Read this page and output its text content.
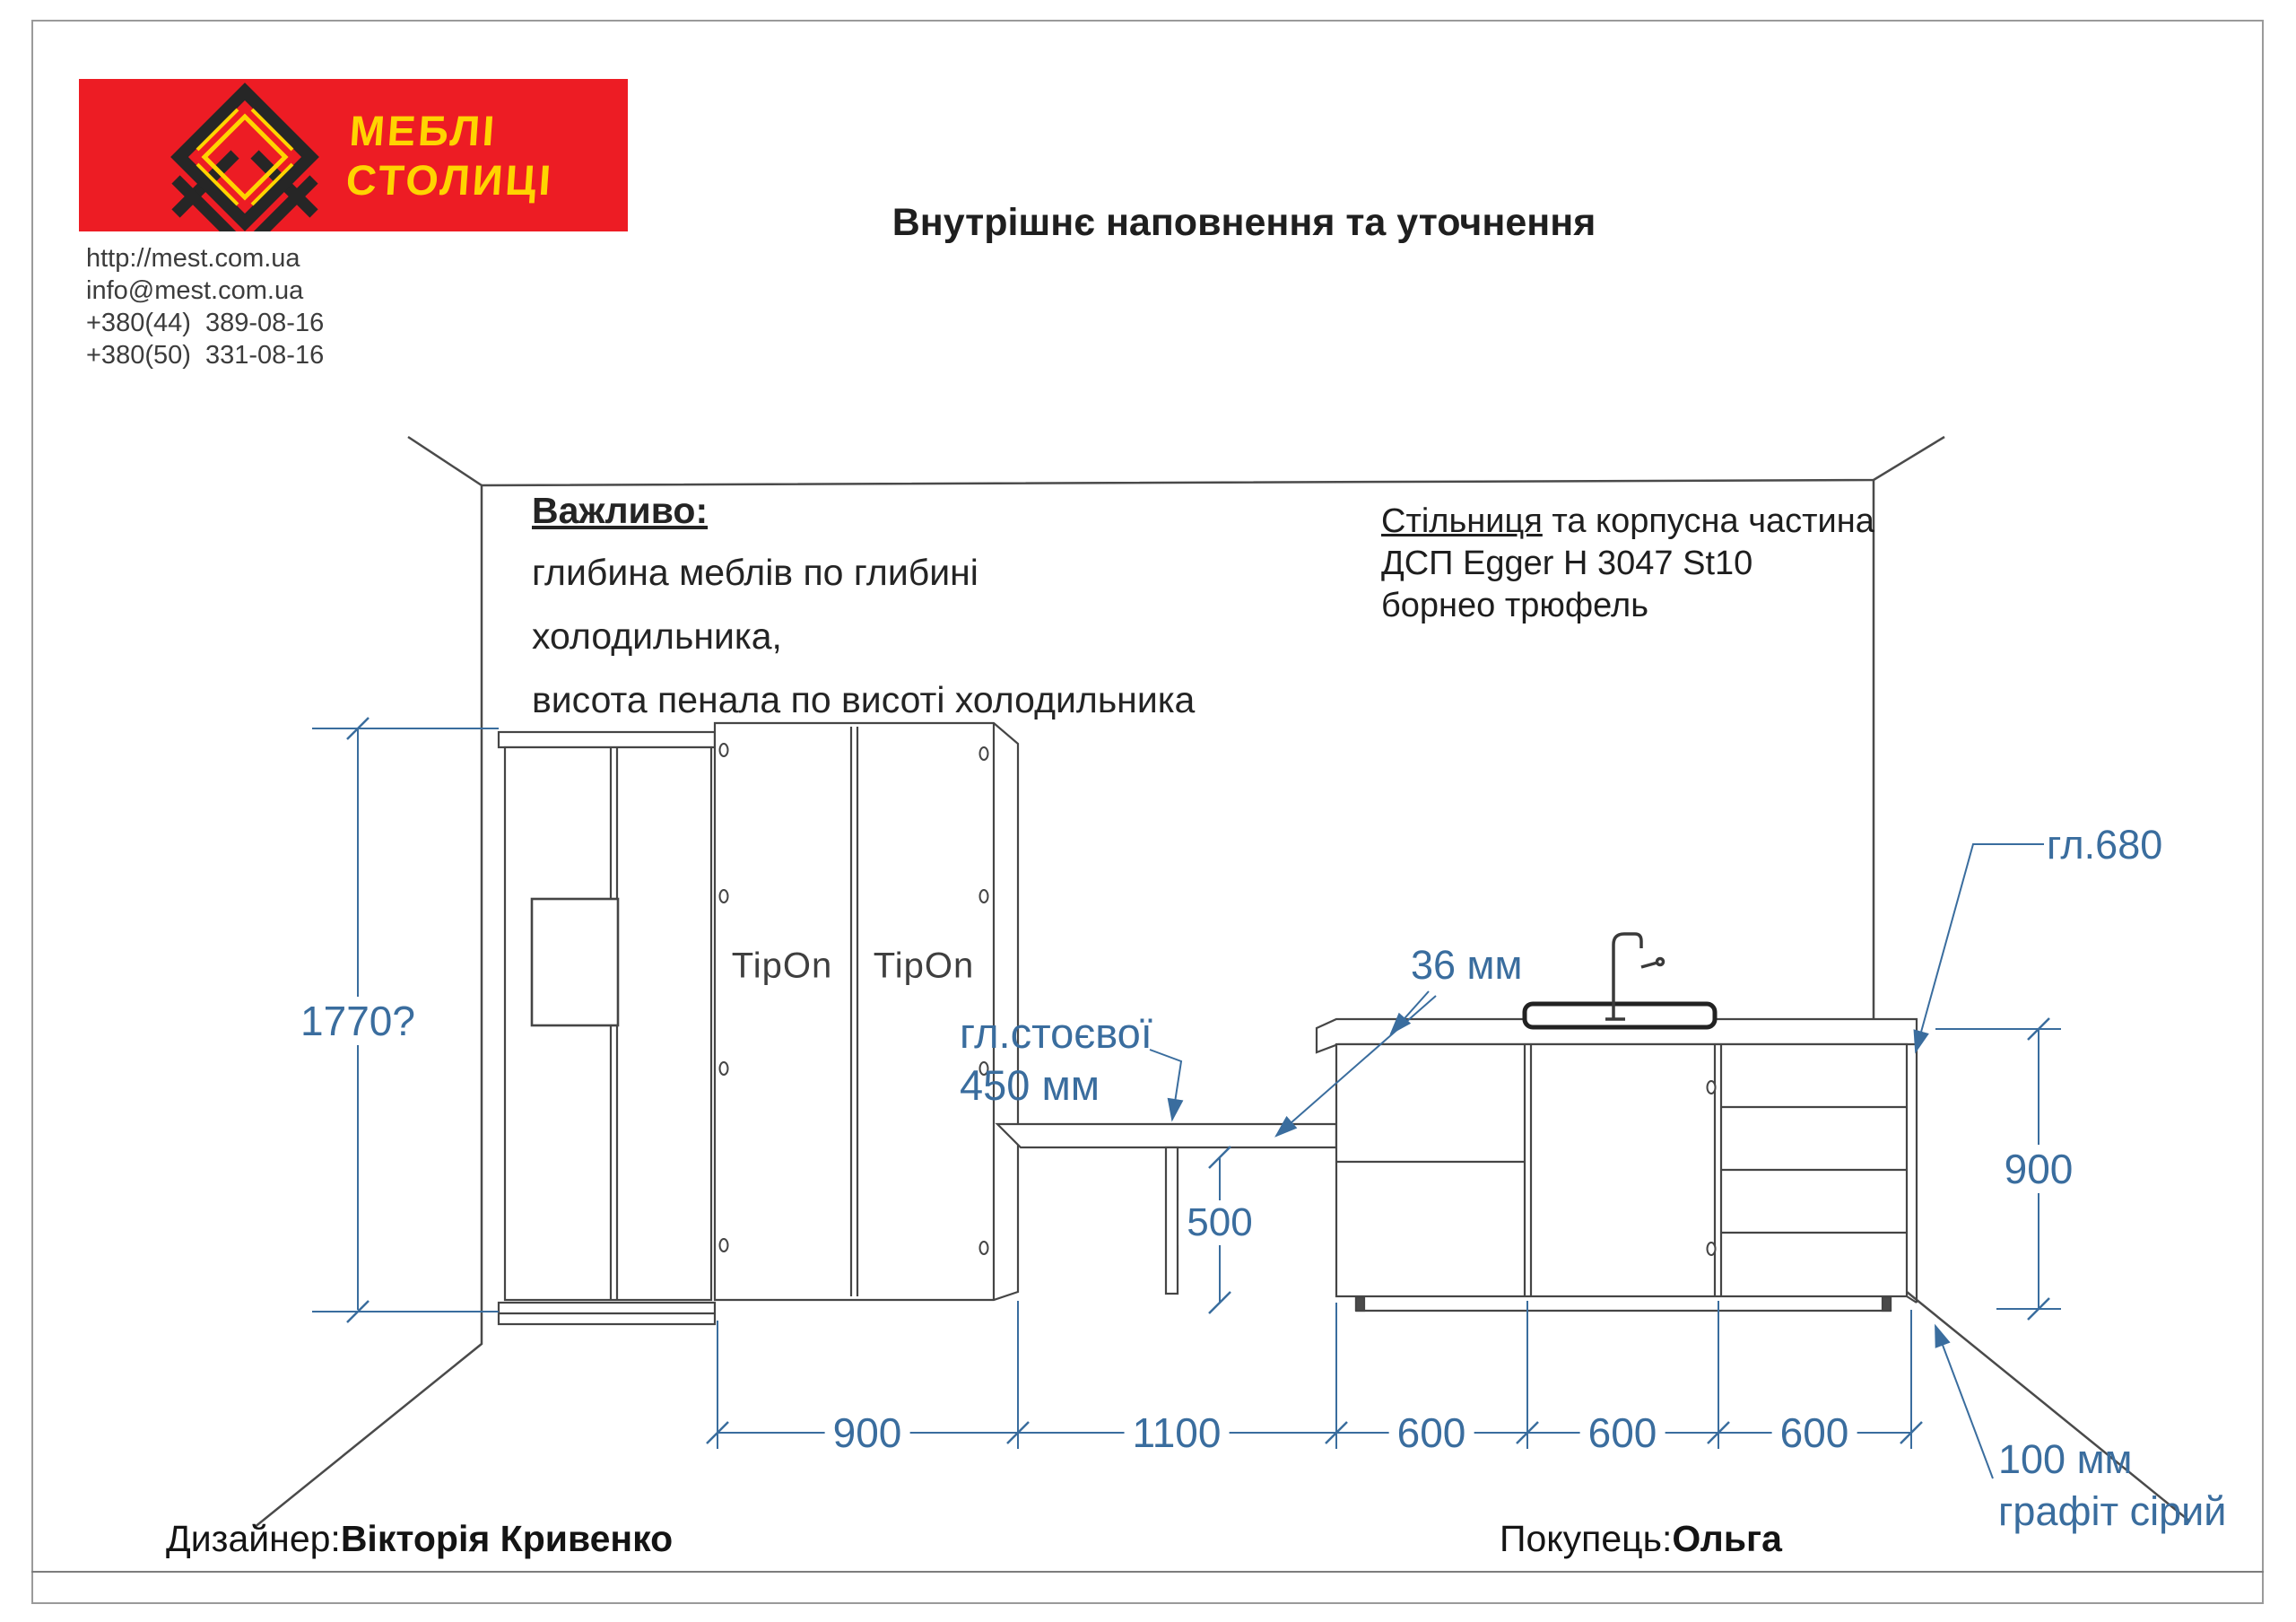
МЕБЛІ СТОЛИЦІ
http://mest.com.ua
info@mest.com.ua
+380(44)  389-08-16
+380(50)  331-08-16
Внутрішнє наповнення та уточнення
Важливо:
глибина меблів по глибині
холодильника,
висота пенала по висоті холодильника
Стільниця та корпусна частина
ДСП Egger H 3047 St10
борнео трюфель
TipOn TipOn
1770?
900	1100	600	600	600
500
900
36 мм
гл.стоєвої
450 мм
гл.680
100 мм
графіт сірий
Дизайнер:Вікторія Кривенко	Покупець:Ольга
